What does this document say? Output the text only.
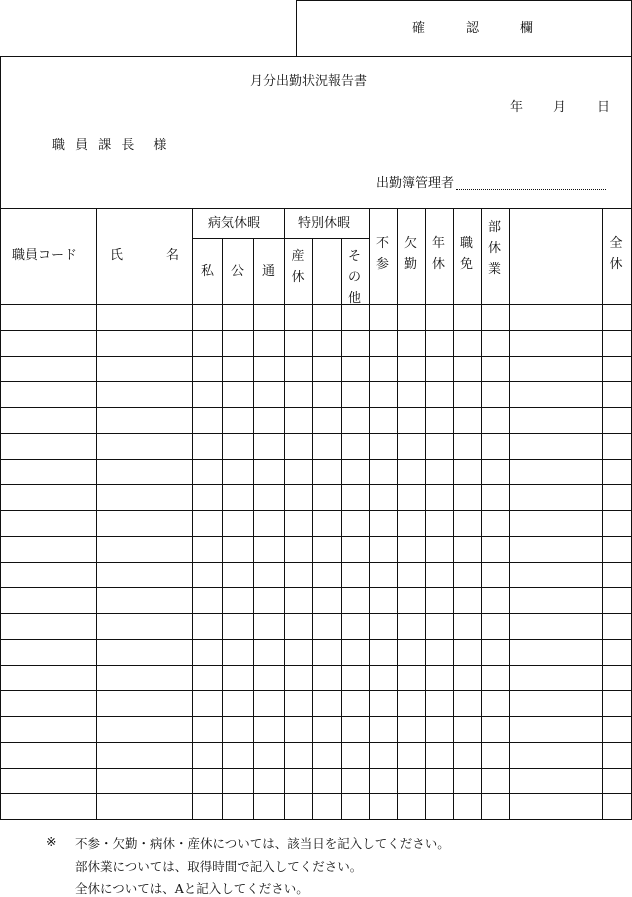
確　認　欄
月分出勤状況報告書
年 月 日
職 員 課 長　様
出勤簿管理者
職員コード	氏	名
病気休暇
私 公 通
特別休暇
産
休
そ
の
他
不
参
欠
勤
年
休
職
免
部
休
業
全
休
※ 不参・欠勤・病休・産休については、該当日を記入してください。
部休業については、取得時間で記入してください。
全休については、Aと記入してください。
